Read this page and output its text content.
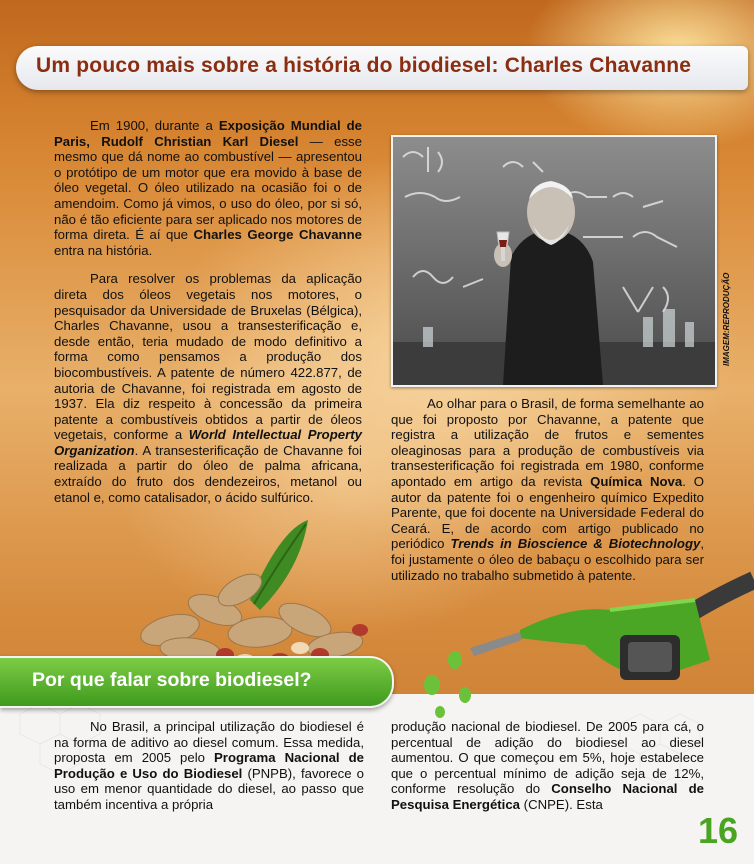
Um pouco mais sobre a história do biodiesel: Charles Chavanne

Em 1900, durante a Exposição Mundial de Paris, Rudolf Christian Karl Diesel — esse mesmo que dá nome ao combustível — apresentou o protótipo de um motor que era movido à base de óleo vegetal. O óleo utilizado na ocasião foi o de amendoim. Como já vimos, o uso do óleo, por si só, não é tão eficiente para ser aplicado nos motores de forma direta. É aí que Charles George Chavanne entra na história.

Para resolver os problemas da aplicação direta dos óleos vegetais nos motores, o pesquisador da Universidade de Bruxelas (Bélgica), Charles Chavanne, usou a transesterificação e, desde então, teria mudado de modo definitivo a forma como pensamos a produção dos biocombustíveis. A patente de número 422.877, de autoria de Chavanne, foi registrada em agosto de 1937. Ela diz respeito à concessão da primeira patente a combustíveis obtidos a partir de óleos vegetais, conforme a World Intellectual Property Organization. A transesterificação de Chavanne foi realizada a partir do óleo de palma africana, extraído do fruto dos dendezeiros, metanol ou etanol e, como catalisador, o ácido sulfúrico.

IMAGEM:REPRODUÇÃO

Ao olhar para o Brasil, de forma semelhante ao que foi proposto por Chavanne, a patente que registra a utilização de frutos e sementes oleaginosas para a produção de combustíveis via transesterificação foi registrada em 1980, conforme apontado em artigo da revista Química Nova. O autor da patente foi o engenheiro químico Expedito Parente, que foi docente na Universidade Federal do Ceará. E, de acordo com artigo publicado no periódico Trends in Bioscience & Biotechnology, foi justamente o óleo de babaçu o escolhido para ser utilizado no trabalho submetido à patente.

Por que falar sobre biodiesel?

No Brasil, a principal utilização do biodiesel é na forma de aditivo ao diesel comum. Essa medida, proposta em 2005 pelo Programa Nacional de Produção e Uso do Biodiesel (PNPB), favorece o uso em menor quantidade do diesel, ao passo que também incentiva a própria

produção nacional de biodiesel. De 2005 para cá, o percentual de adição do biodiesel ao diesel aumentou. O que começou em 5%, hoje estabelece que o percentual mínimo de adição seja de 12%, conforme resolução do Conselho Nacional de Pesquisa Energética (CNPE). Esta

16
